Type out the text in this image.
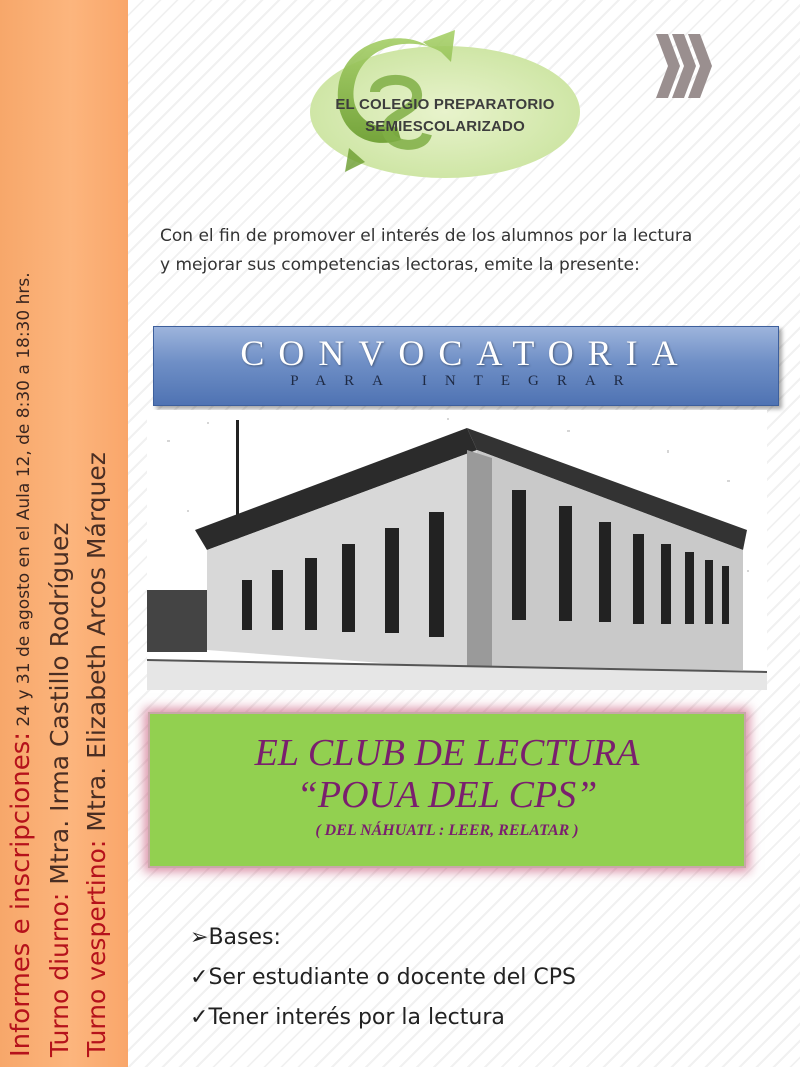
Informes e inscripciones: 24 y 31 de agosto en el Aula 12, de 8:30 a 18:30 hrs.
Turno diurno: Mtra. Irma Castillo Rodríguez
Turno vespertino: Mtra. Elizabeth Arcos Márquez
EL COLEGIO PREPARATORIO
SEMIESCOLARIZADO
Con el fin de promover el interés de los alumnos por la lectura
y mejorar sus competencias lectoras, emite la presente:
CONVOCATORIA
PARA INTEGRAR
EL CLUB DE LECTURA
“POUA DEL CPS”
( DEL NÁHUATL : LEER, RELATAR )
➢Bases:
✓Ser estudiante o docente del CPS
✓Tener interés por la lectura
